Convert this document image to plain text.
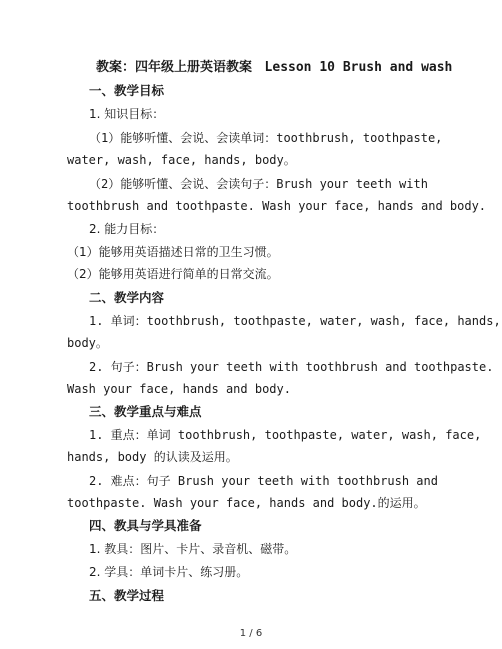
教案：四年级上册英语教案 Lesson 10 Brush and wash
一、教学目标
1. 知识目标：
（1）能够听懂、会说、会读单词：toothbrush, toothpaste,
water, wash, face, hands, body。
（2）能够听懂、会说、会读句子：Brush your teeth with
toothbrush and toothpaste. Wash your face, hands and body.
2. 能力目标：
（1）能够用英语描述日常的卫生习惯。
（2）能够用英语进行简单的日常交流。
二、教学内容
1. 单词：toothbrush, toothpaste, water, wash, face, hands,
body。
2. 句子：Brush your teeth with toothbrush and toothpaste.
Wash your face, hands and body.
三、教学重点与难点
1. 重点：单词 toothbrush, toothpaste, water, wash, face,
hands, body 的认读及运用。
2. 难点：句子 Brush your teeth with toothbrush and
toothpaste. Wash your face, hands and body.的运用。
四、教具与学具准备
1. 教具：图片、卡片、录音机、磁带。
2. 学具：单词卡片、练习册。
五、教学过程
1 / 6
